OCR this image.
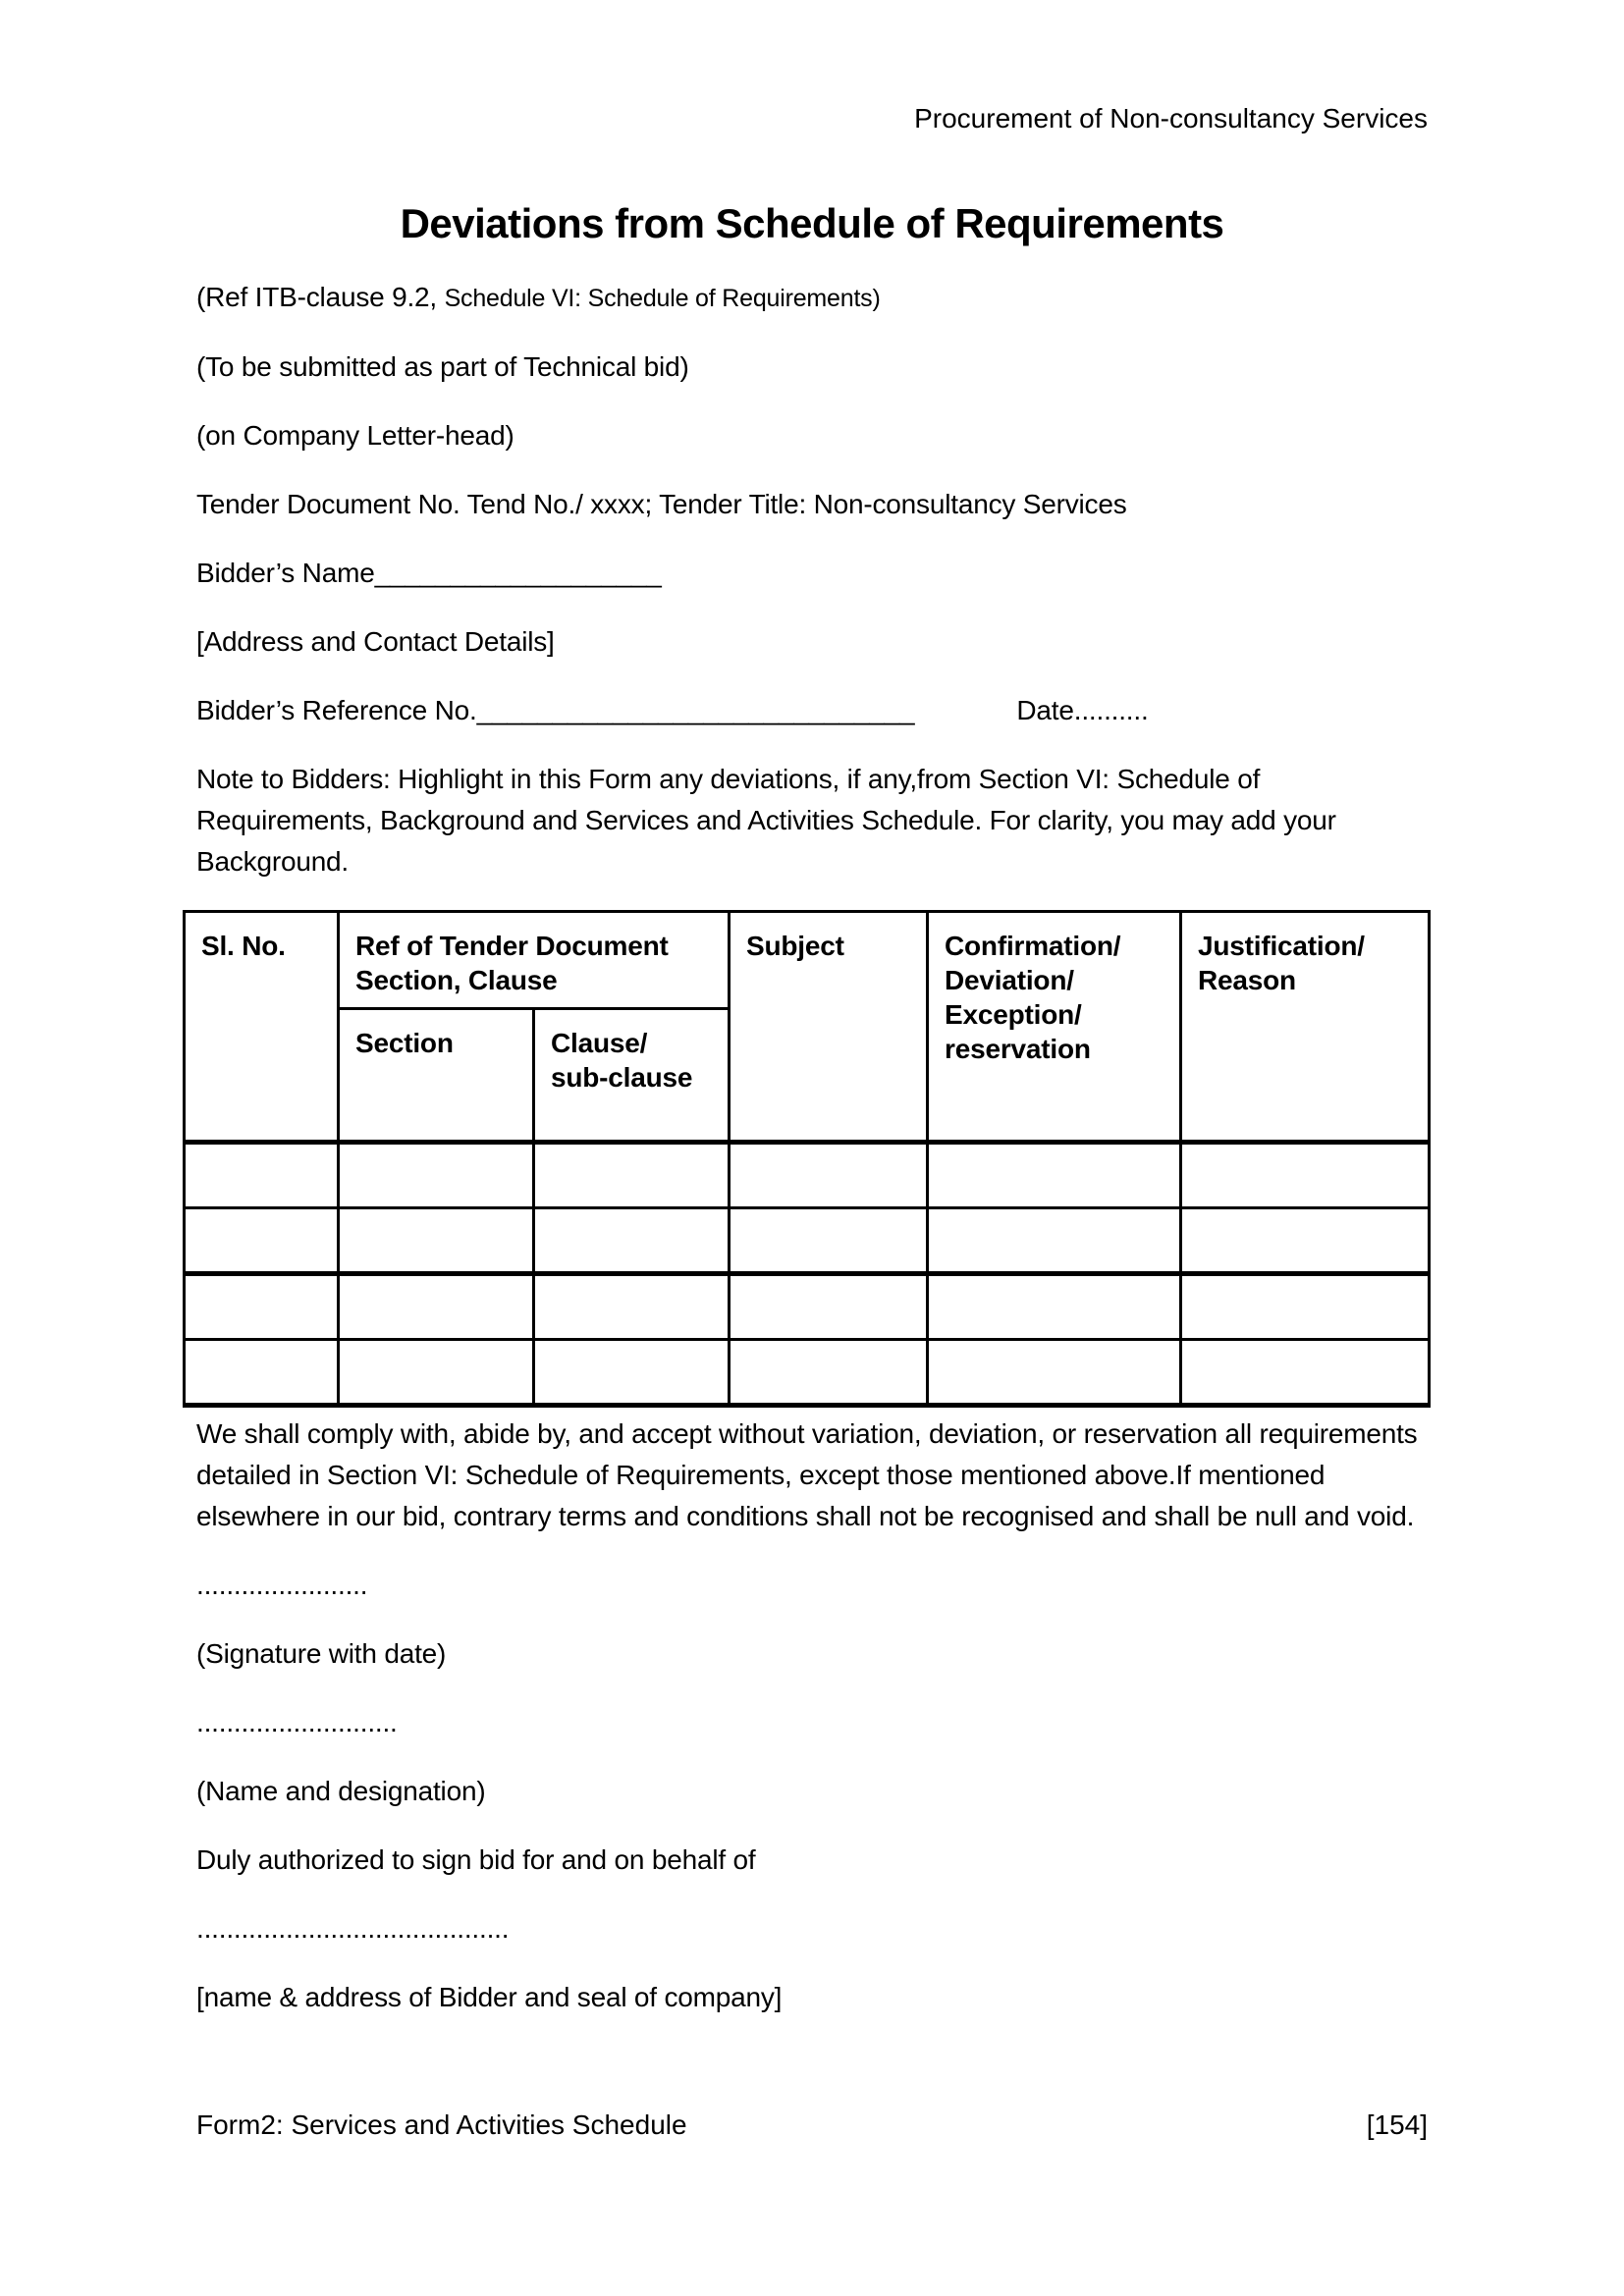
Procurement of Non-consultancy Services

Deviations from Schedule of Requirements

(Ref ITB-clause 9.2, Schedule VI: Schedule of Requirements)

(To be submitted as part of Technical bid)

(on Company Letter-head)

Tender Document No. Tend No./ xxxx; Tender Title: Non-consultancy Services

Bidder’s Name___________________

[Address and Contact Details]

Bidder’s Reference No._____________________________	Date..........

Note to Bidders: Highlight in this Form any deviations, if any,from Section VI: Schedule of Requirements, Background and Services and Activities Schedule. For clarity, you may add your Background.

Sl. No.	Ref of Tender Document Section, Clause		Subject	Confirmation/ Deviation/ Exception/ reservation	Justification/ Reason
	Section	Clause/ sub-clause			

We shall comply with, abide by, and accept without variation, deviation, or reservation all requirements detailed in Section VI: Schedule of Requirements, except those mentioned above.If mentioned elsewhere in our bid, contrary terms and conditions shall not be recognised and shall be null and void.

.......................

(Signature with date)

...........................

(Name and designation)

Duly authorized to sign bid for and on behalf of

..........................................

[name & address of Bidder and seal of company]

Form2: Services and Activities Schedule	[154]
